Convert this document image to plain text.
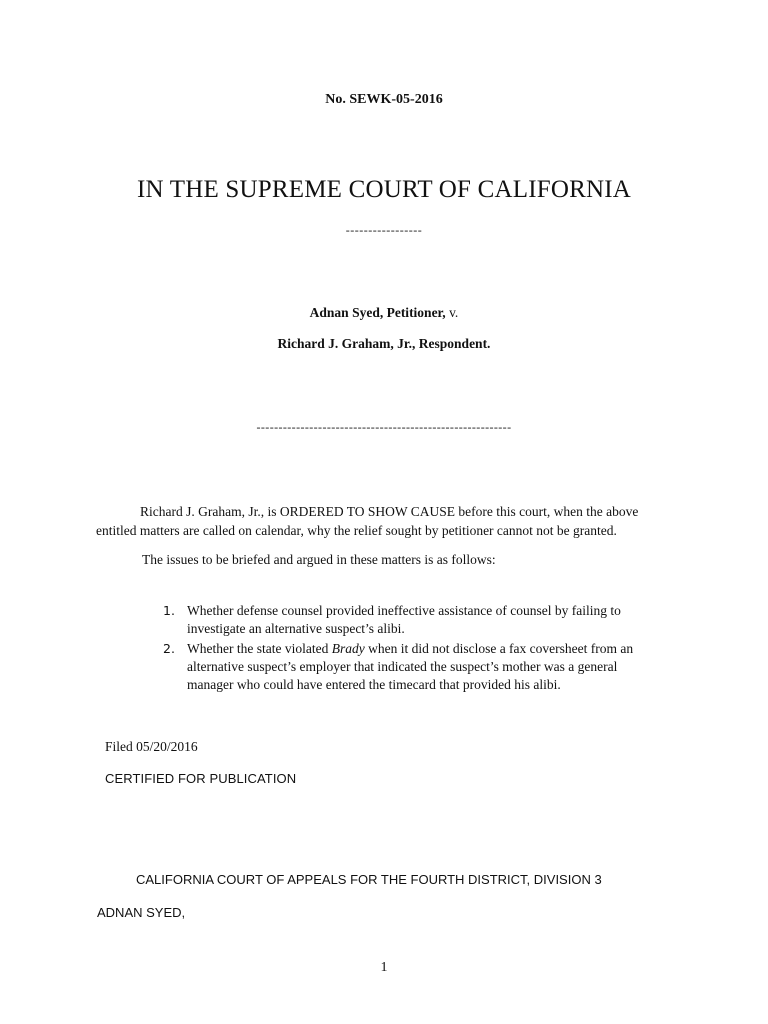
No. SEWK-05-2016
IN THE SUPREME COURT OF CALIFORNIA
-----------------
Adnan Syed, Petitioner, v.
Richard J. Graham, Jr., Respondent.
----------------------------------------------------------
Richard J. Graham, Jr., is ORDERED TO SHOW CAUSE before this court, when the above entitled matters are called on calendar, why the relief sought by petitioner cannot not be granted.
The issues to be briefed and argued in these matters is as follows:
1. Whether defense counsel provided ineffective assistance of counsel by failing to investigate an alternative suspect’s alibi.
2. Whether the state violated Brady when it did not disclose a fax coversheet from an alternative suspect’s employer that indicated the suspect’s mother was a general manager who could have entered the timecard that provided his alibi.
Filed 05/20/2016
CERTIFIED FOR PUBLICATION
CALIFORNIA COURT OF APPEALS FOR THE FOURTH DISTRICT, DIVISION 3
ADNAN SYED,
1
